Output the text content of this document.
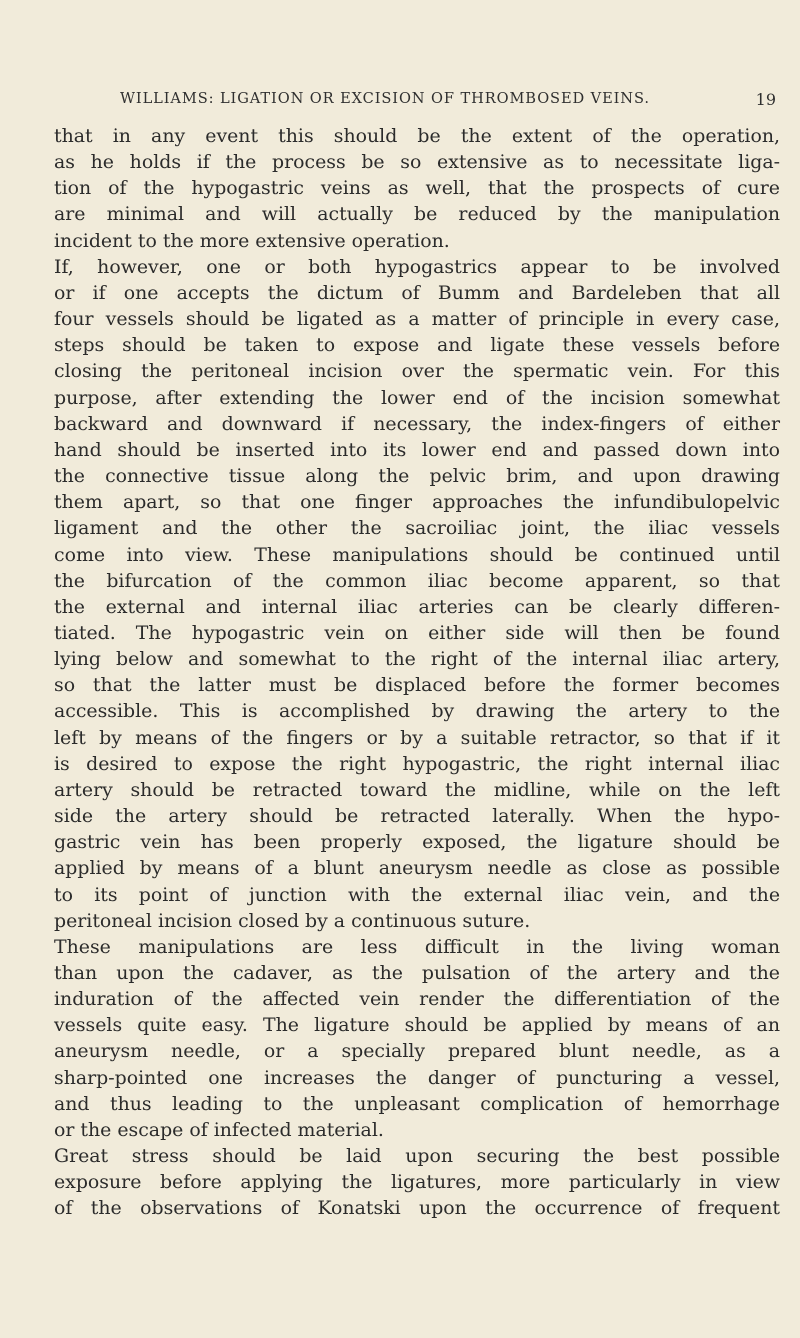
WILLIAMS: LIGATION OR EXCISION OF THROMBOSED VEINS.	19
that in any event this should be the extent of the operation,
as he holds if the process be so extensive as to necessitate liga-
tion of the hypogastric veins as well, that the prospects of cure
are minimal and will actually be reduced by the manipulation
incident to the more extensive operation.
If, however, one or both hypogastrics appear to be involved
or if one accepts the dictum of Bumm and Bardeleben that all
four vessels should be ligated as a matter of principle in every case,
steps should be taken to expose and ligate these vessels before
closing the peritoneal incision over the spermatic vein. For this
purpose, after extending the lower end of the incision somewhat
backward and downward if necessary, the index-fingers of either
hand should be inserted into its lower end and passed down into
the connective tissue along the pelvic brim, and upon drawing
them apart, so that one finger approaches the infundibulopelvic
ligament and the other the sacroiliac joint, the iliac vessels
come into view. These manipulations should be continued until
the bifurcation of the common iliac become apparent, so that
the external and internal iliac arteries can be clearly differen-
tiated. The hypogastric vein on either side will then be found
lying below and somewhat to the right of the internal iliac artery,
so that the latter must be displaced before the former becomes
accessible. This is accomplished by drawing the artery to the
left by means of the fingers or by a suitable retractor, so that if it
is desired to expose the right hypogastric, the right internal iliac
artery should be retracted toward the midline, while on the left
side the artery should be retracted laterally. When the hypo-
gastric vein has been properly exposed, the ligature should be
applied by means of a blunt aneurysm needle as close as possible
to its point of junction with the external iliac vein, and the
peritoneal incision closed by a continuous suture.
These manipulations are less difficult in the living woman
than upon the cadaver, as the pulsation of the artery and the
induration of the affected vein render the differentiation of the
vessels quite easy. The ligature should be applied by means of an
aneurysm needle, or a specially prepared blunt needle, as a
sharp-pointed one increases the danger of puncturing a vessel,
and thus leading to the unpleasant complication of hemorrhage
or the escape of infected material.
Great stress should be laid upon securing the best possible
exposure before applying the ligatures, more particularly in view
of the observations of Konatski upon the occurrence of frequent
